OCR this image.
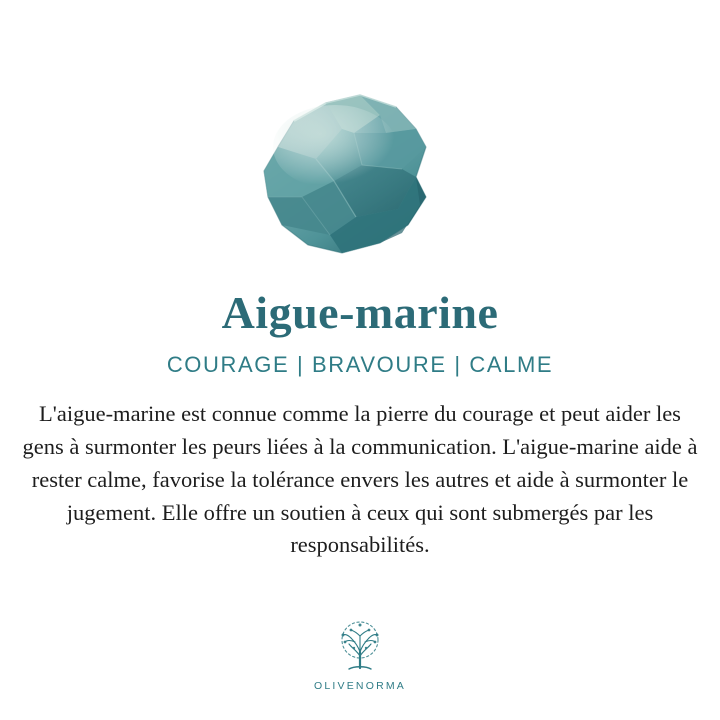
Aigue-marine
COURAGE | BRAVOURE | CALME

L'aigue-marine est connue comme la pierre du courage et peut aider les gens à surmonter les peurs liées à la communication. L'aigue-marine aide à rester calme, favorise la tolérance envers les autres et aide à surmonter le jugement. Elle offre un soutien à ceux qui sont submergés par les responsabilités.

OLIVENORMA
